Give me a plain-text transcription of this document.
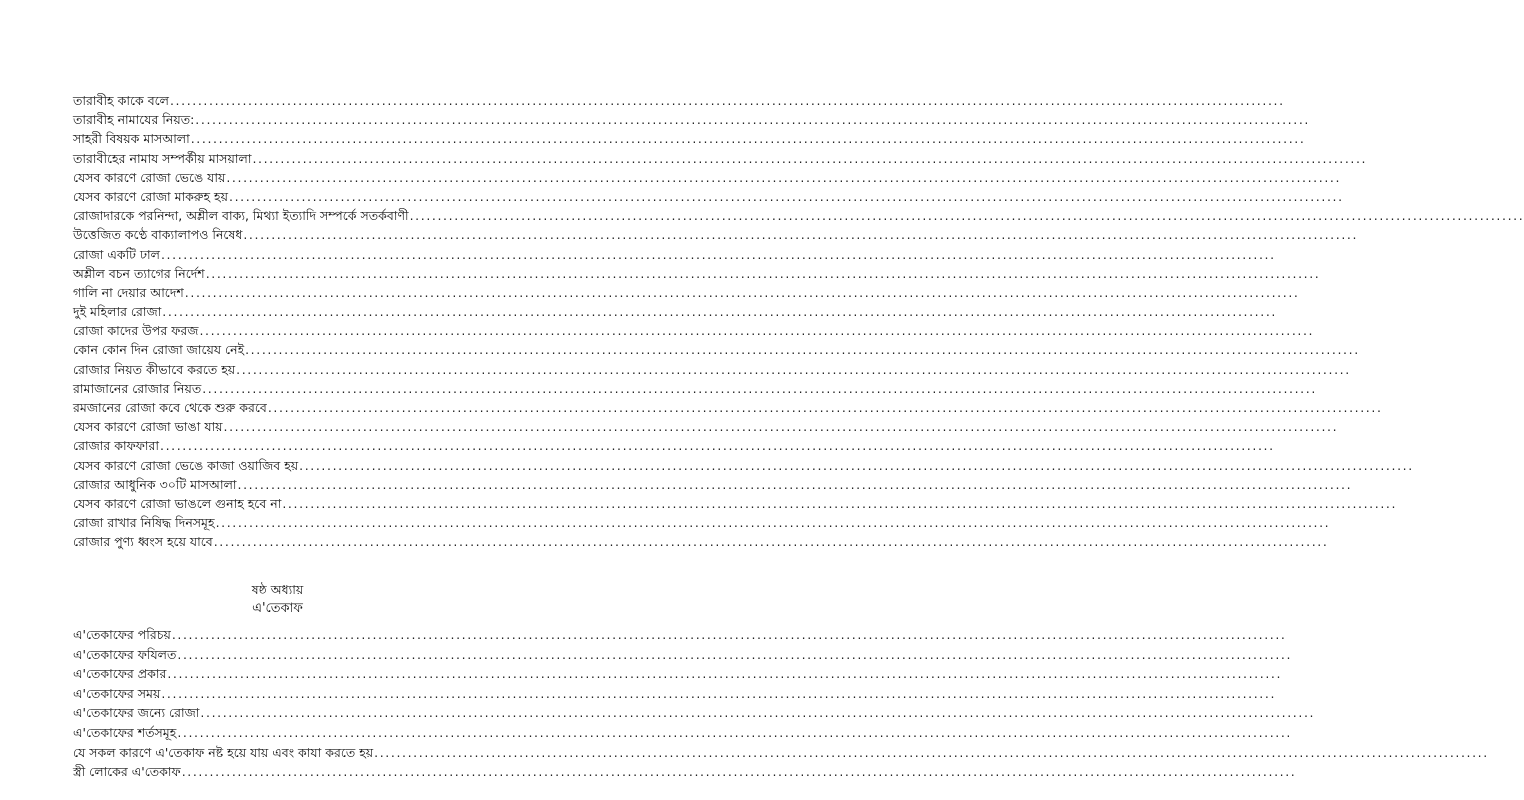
তারাবীহ কাকে বলে ........................................................................................................................................................................................................
তারাবীহ নামাযের নিয়ত: ........................................................................................................................................................................................................
সাহরী বিষয়ক মাসআলা ........................................................................................................................................................................................................
তারাবীহের নামায সম্পর্কীয় মাসয়ালা ........................................................................................................................................................................................................
যেসব কারণে রোজা ভেঙে যায় ........................................................................................................................................................................................................
যেসব কারণে রোজা মাকরুহ হয় ........................................................................................................................................................................................................
রোজাদারকে পরনিন্দা, অশ্লীল বাক্য, মিথ্যা ইত্যাদি সম্পর্কে সতর্কবাণী ........................................................................................................................................................................................................
উত্তেজিত কণ্ঠে বাক্যালাপও নিষেধ ........................................................................................................................................................................................................
রোজা একটি ঢাল ........................................................................................................................................................................................................
অশ্লীল বচন ত্যাগের নির্দেশ ........................................................................................................................................................................................................
গালি না দেয়ার আদেশ ........................................................................................................................................................................................................
দুই মহিলার রোজা ........................................................................................................................................................................................................
রোজা কাদের উপর ফরজ ........................................................................................................................................................................................................
কোন কোন দিন রোজা জায়েয নেই ........................................................................................................................................................................................................
রোজার নিয়ত কীভাবে করতে হয় ........................................................................................................................................................................................................
রামাজানের রোজার নিয়ত ........................................................................................................................................................................................................
রমজানের রোজা কবে থেকে শুরু করবে ........................................................................................................................................................................................................
যেসব কারণে রোজা ভাঙা যায় ........................................................................................................................................................................................................
রোজার কাফফারা ........................................................................................................................................................................................................
যেসব কারণে রোজা ভেঙে কাজা ওয়াজিব হয় ........................................................................................................................................................................................................
রোজার আধুনিক ৩০টি মাসআলা ........................................................................................................................................................................................................
যেসব কারণে রোজা ভাঙলে গুনাহ হবে না ........................................................................................................................................................................................................
রোজা রাখার নিষিদ্ধ দিনসমূহ ........................................................................................................................................................................................................
রোজার পুণ্য ধ্বংস হয়ে যাবে ........................................................................................................................................................................................................
ষষ্ঠ অধ্যায়
এ'তেকাফ
এ'তেকাফের পরিচয় ........................................................................................................................................................................................................
এ'তেকাফের ফযিলত ........................................................................................................................................................................................................
এ'তেকাফের প্রকার ........................................................................................................................................................................................................
এ'তেকাফের সময় ........................................................................................................................................................................................................
এ'তেকাফের জন্যে রোজা ........................................................................................................................................................................................................
এ'তেকাফের শর্তসমূহ ........................................................................................................................................................................................................
যে সকল কারণে এ'তেকাফ নষ্ট হয়ে যায় এবং কাযা করতে হয় ........................................................................................................................................................................................................
স্ত্রী লোকের এ'তেকাফ ........................................................................................................................................................................................................
